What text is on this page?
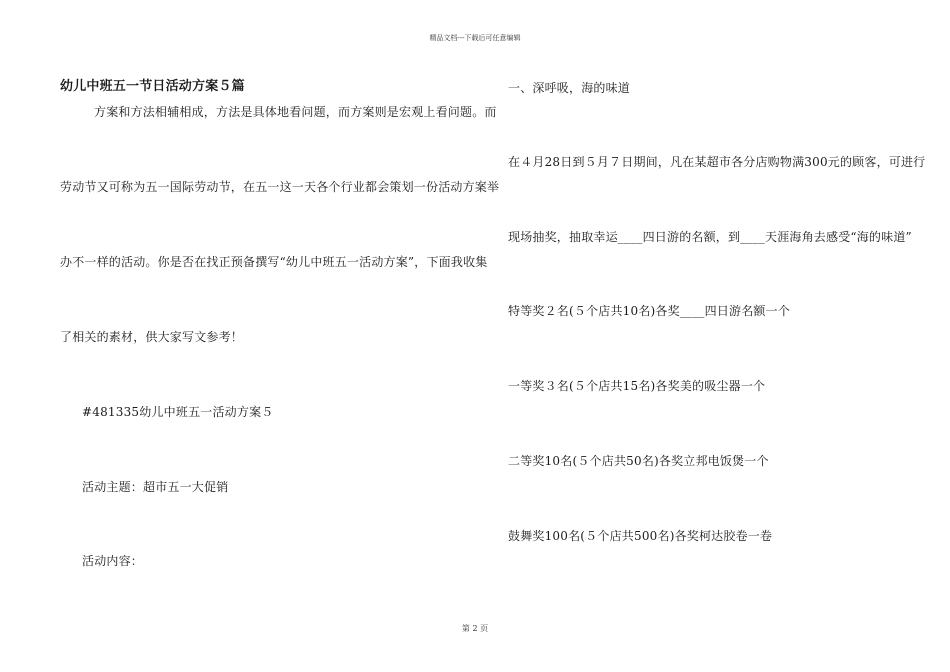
精品文档---下载后可任意编辑
幼儿中班五一节日活动方案５篇
方案和方法相辅相成，方法是具体地看问题，而方案则是宏观上看问题。而
劳动节又可称为五一国际劳动节，在五一这一天各个行业都会策划一份活动方案举
办不一样的活动。你是否在找正预备撰写“幼儿中班五一活动方案”，下面我收集
了相关的素材，供大家写文参考！
#481335幼儿中班五一活动方案５
活动主题：超市五一大促销
活动内容：
一、深呼吸，海的味道
在４月28日到５月７日期间，凡在某超市各分店购物满300元的顾客，可进行
现场抽奖，抽取幸运____四日游的名额，到____天涯海角去感受“海的味道”
特等奖２名(５个店共10名)各奖____四日游名额一个
一等奖３名(５个店共15名)各奖美的吸尘器一个
二等奖10名(５个店共50名)各奖立邦电饭煲一个
鼓舞奖100名(５个店共500名)各奖柯达胶卷一卷
第 2 页
